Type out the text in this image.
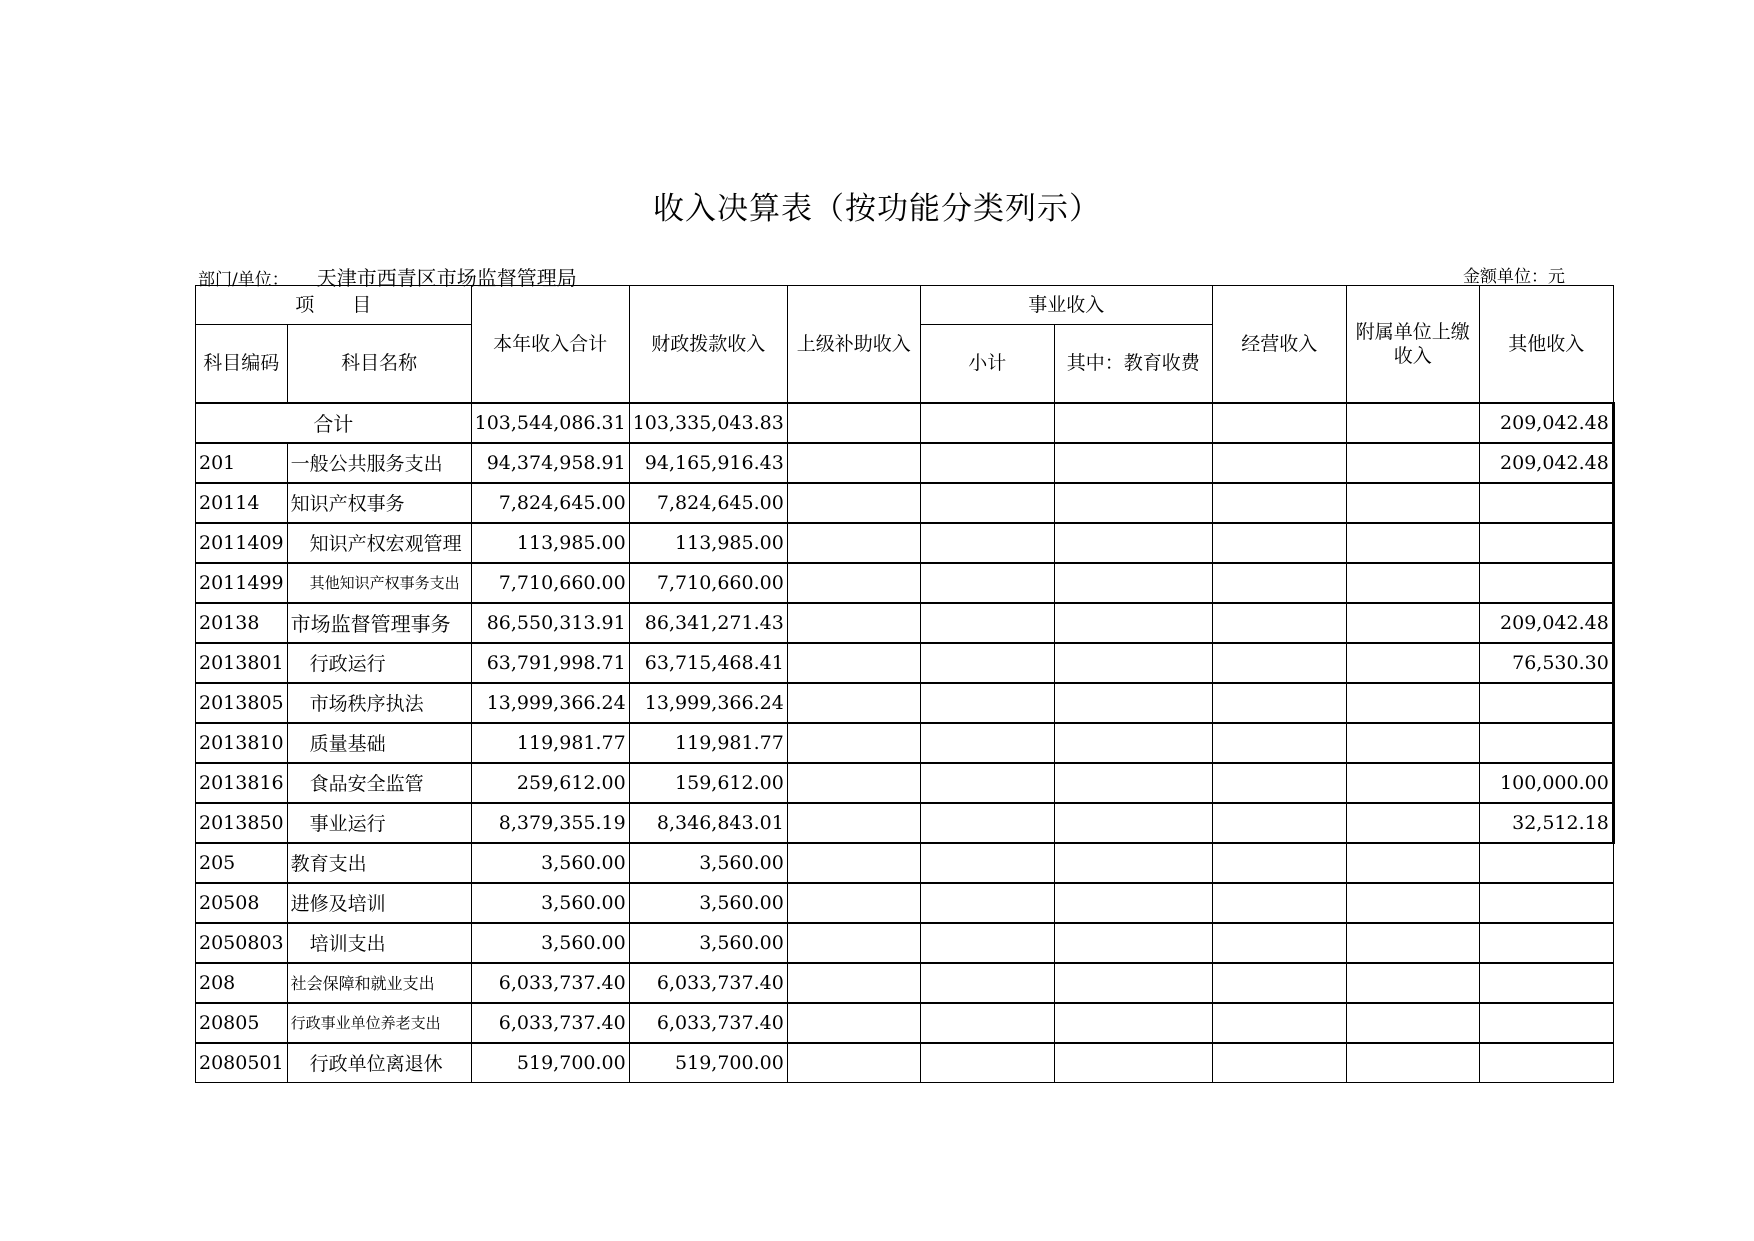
收入决算表（按功能分类列示）
部门/单位： 天津市西青区市场监督管理局	金额单位：元
项　　目		本年收入合计	财政拨款收入	上级补助收入	事业收入		经营收入	附属单位上缴收入	其他收入
科目编码	科目名称				小计	其中：教育收费			
合计		103,544,086.31	103,335,043.83						209,042.48
201	一般公共服务支出	94,374,958.91	94,165,916.43						209,042.48
20114	知识产权事务	7,824,645.00	7,824,645.00						
2011409	知识产权宏观管理	113,985.00	113,985.00						
2011499	其他知识产权事务支出	7,710,660.00	7,710,660.00						
20138	市场监督管理事务	86,550,313.91	86,341,271.43						209,042.48
2013801	行政运行	63,791,998.71	63,715,468.41						76,530.30
2013805	市场秩序执法	13,999,366.24	13,999,366.24						
2013810	质量基础	119,981.77	119,981.77						
2013816	食品安全监管	259,612.00	159,612.00						100,000.00
2013850	事业运行	8,379,355.19	8,346,843.01						32,512.18
205	教育支出	3,560.00	3,560.00						
20508	进修及培训	3,560.00	3,560.00						
2050803	培训支出	3,560.00	3,560.00						
208	社会保障和就业支出	6,033,737.40	6,033,737.40						
20805	行政事业单位养老支出	6,033,737.40	6,033,737.40						
2080501	行政单位离退休	519,700.00	519,700.00						
